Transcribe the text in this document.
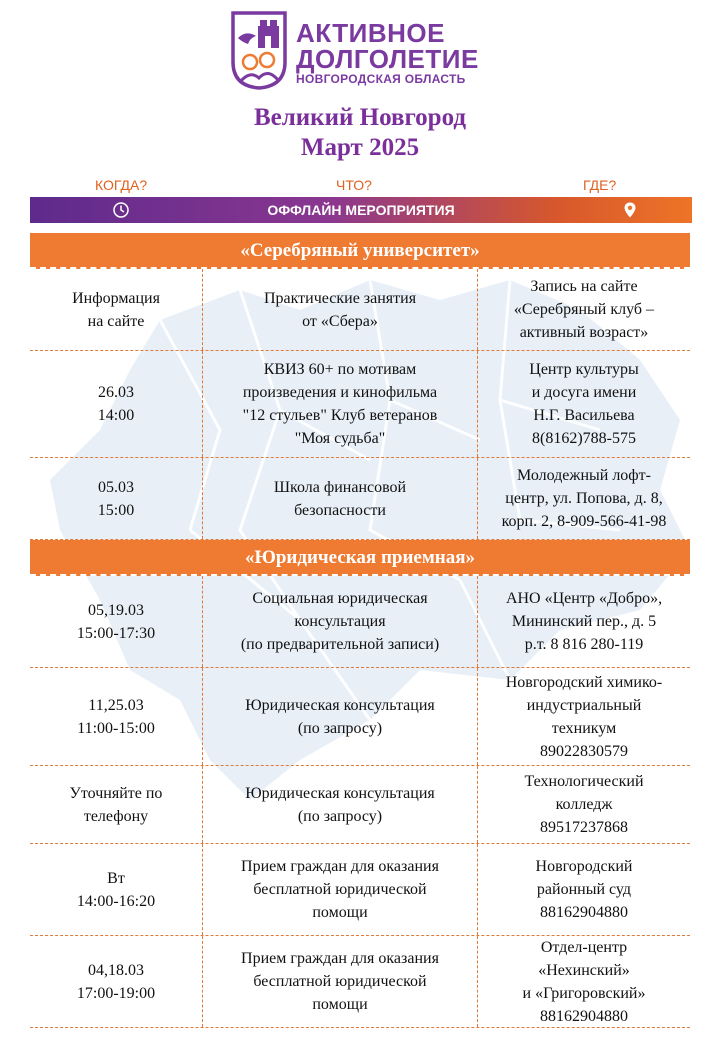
АКТИВНОЕ
ДОЛГОЛЕТИЕ
НОВГОРОДСКАЯ ОБЛАСТЬ
Великий Новгород
Март 2025
КОГДА?	ЧТО?	ГДЕ?
ОФФЛАЙН МЕРОПРИЯТИЯ
«Серебряный университет»
Информация
на сайте
Практические занятия
от «Сбера»
Запись на сайте
«Серебряный клуб –
активный возраст»
26.03
14:00
КВИЗ 60+ по мотивам
произведения и кинофильма
"12 стульев" Клуб ветеранов
"Моя судьба"
Центр культуры
и досуга имени
Н.Г. Васильева
8(8162)788-575
05.03
15:00
Школа финансовой
безопасности
Молодежный лофт-
центр, ул. Попова, д. 8,
корп. 2, 8-909-566-41-98
«Юридическая приемная»
05,19.03
15:00-17:30
Социальная юридическая
консультация
(по предварительной записи)
АНО «Центр «Добро»,
Мининский пер., д. 5
р.т. 8 816 280-119
11,25.03
11:00-15:00
Юридическая консультация
(по запросу)
Новгородский химико-
индустриальный
техникум
89022830579
Уточняйте по
телефону
Юридическая консультация
(по запросу)
Технологический
колледж
89517237868
Вт
14:00-16:20
Прием граждан для оказания
бесплатной юридической
помощи
Новгородский
районный суд
88162904880
04,18.03
17:00-19:00
Прием граждан для оказания
бесплатной юридической
помощи
Отдел-центр
«Нехинский»
и «Григоровский»
88162904880
